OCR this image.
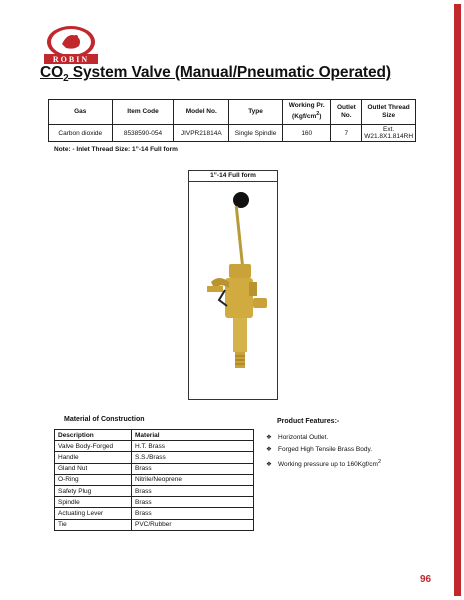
ROBIN
$CO_2$ System Valve (Manual/Pneumatic Operated)
Gas	Item Code	Model No.	Type	Working Pr.
$(Kgf/cm^2)$	Outlet No.	Outlet Thread Size
Carbon dioxide	8538590-054	JIVPR21814A	Single Spindle	160	7	Ext. W21.8X1.814RH
Note: - Inlet Thread Size: 1”-14 Full form
1”-14 Full form
Material of Construction
Description	Material
Valve Body-Forged	H.T. Brass
Handle	S.S./Brass
Gland Nut	Brass
O-Ring	Nitrile/Neoprene
Safety Plug	Brass
Spindle	Brass
Actuating Lever	Brass
Tie	PVC/Rubber
Product Features:-
❖ Horizontal Outlet.
❖ Forged High Tensile Brass Body.
❖ Working pressure up to $160Kgf/cm^2$
96
